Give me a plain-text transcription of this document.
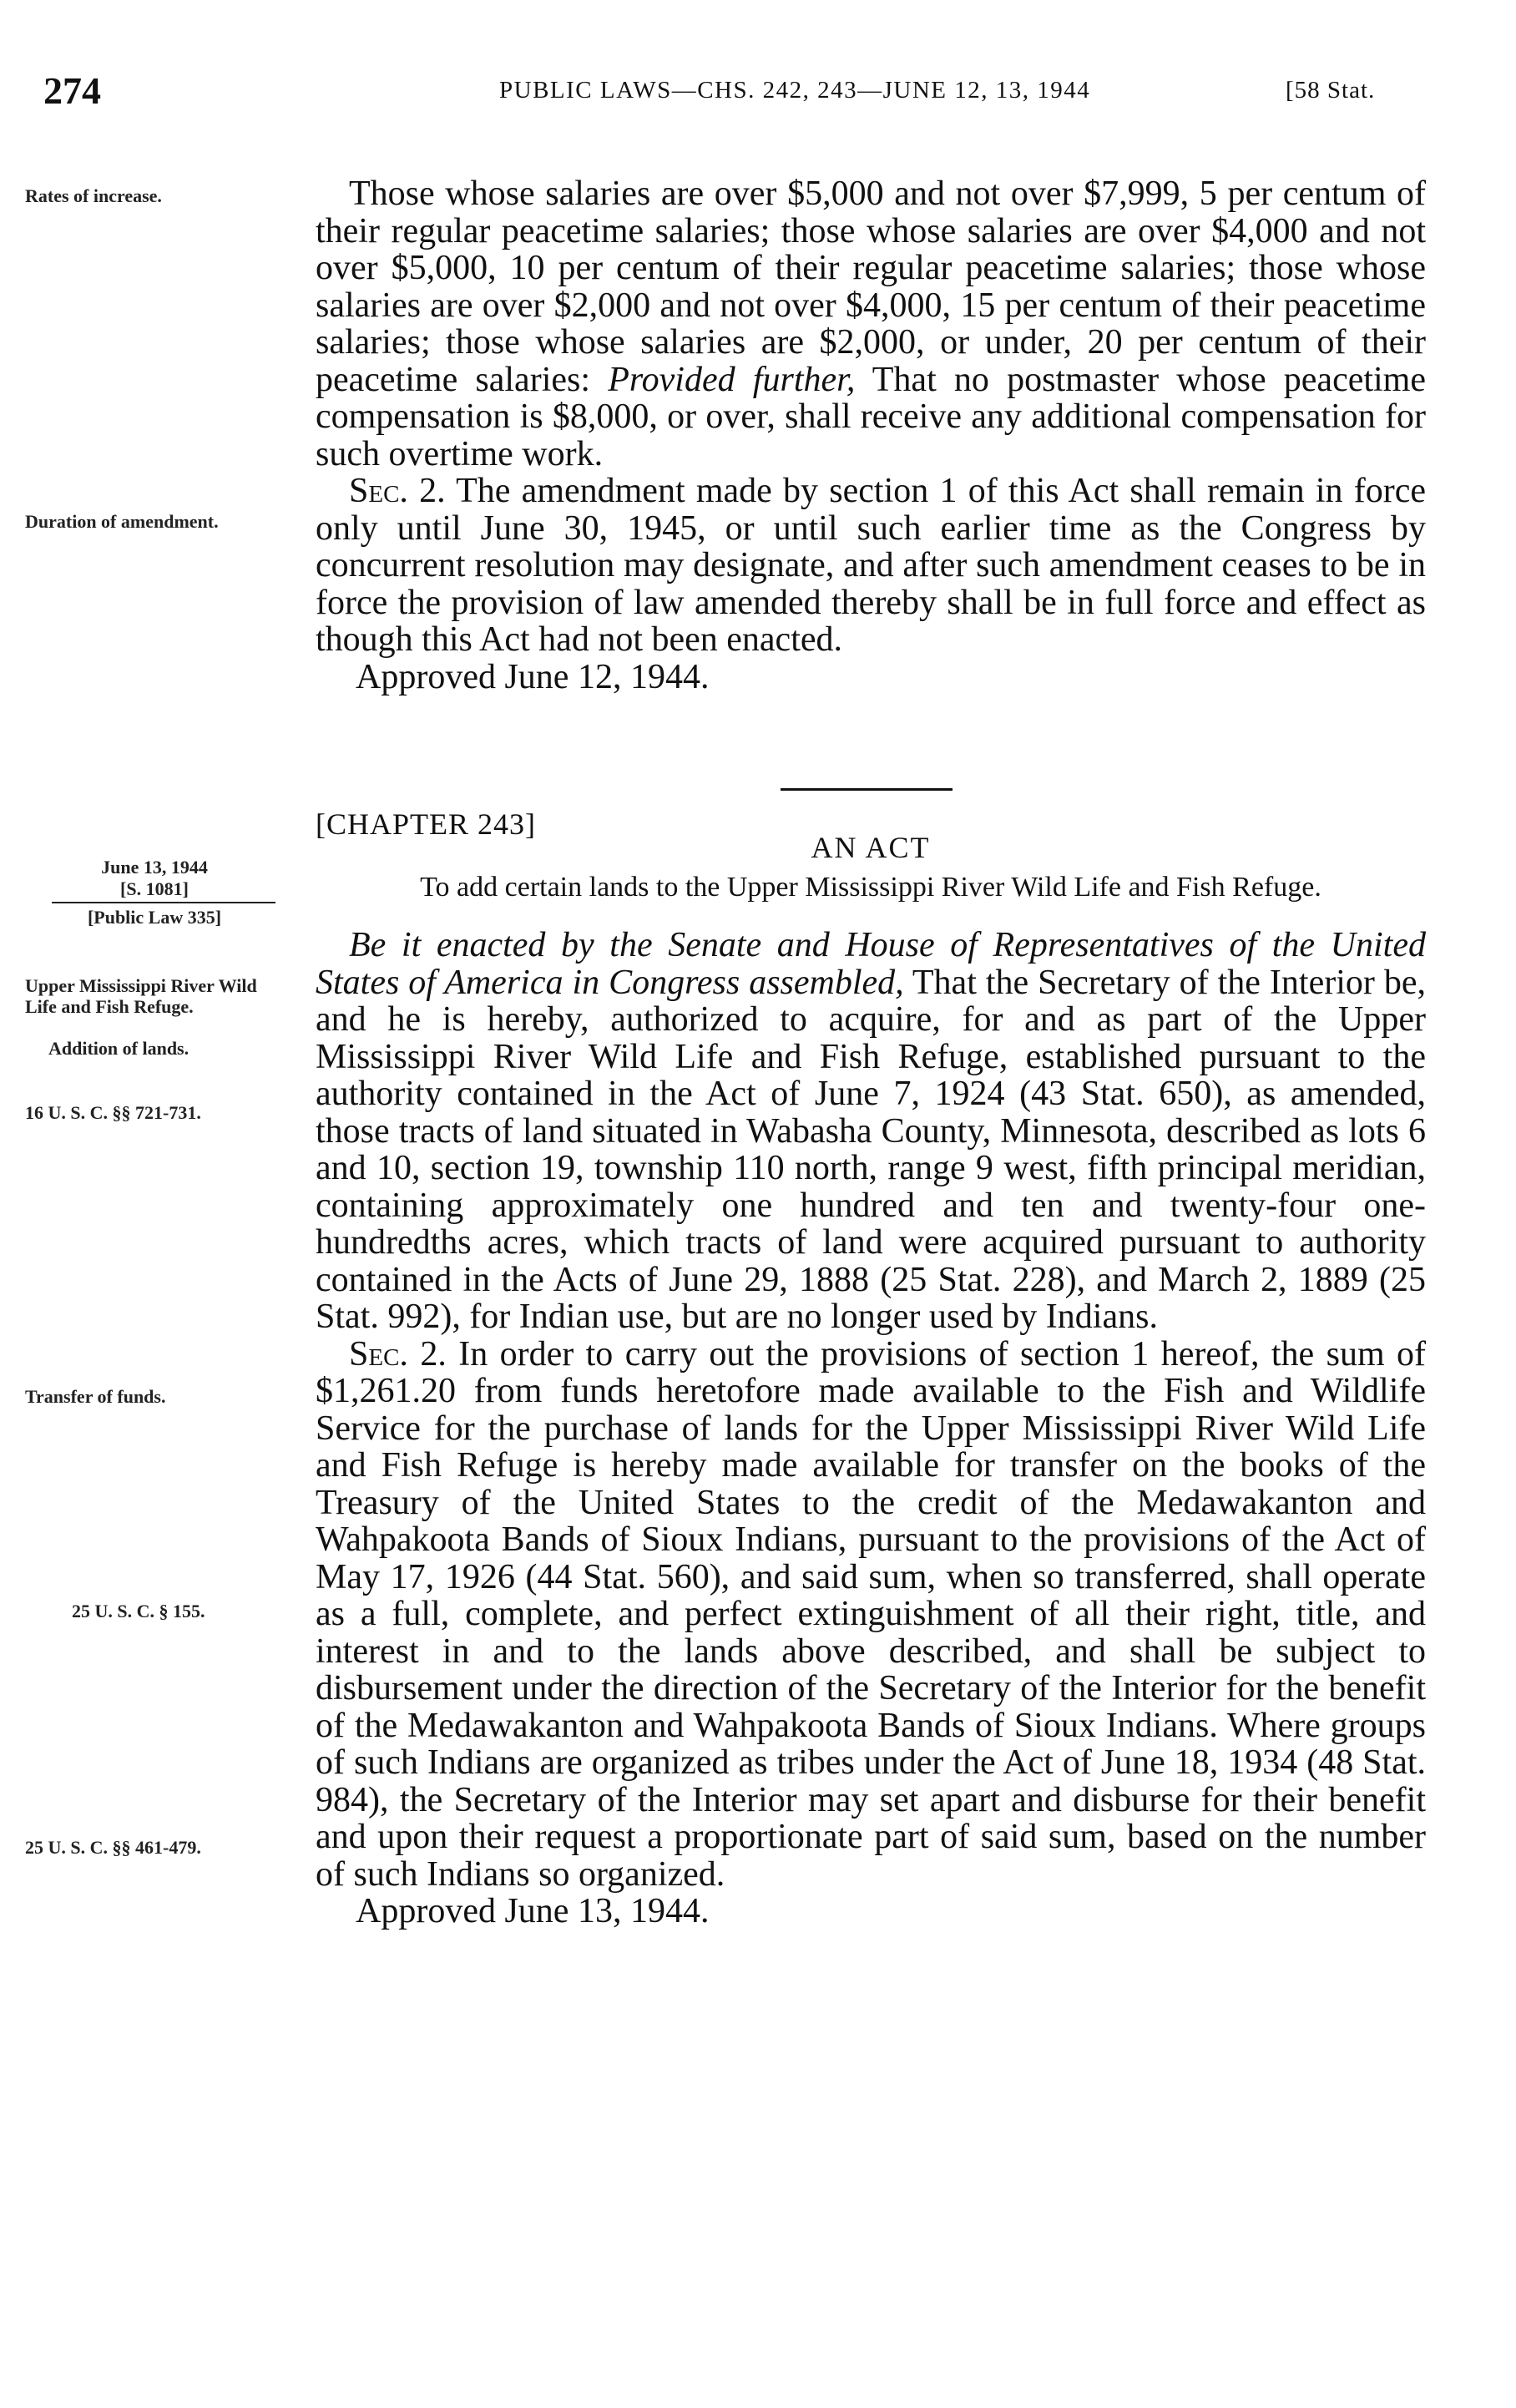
274	PUBLIC LAWS—CHS. 242, 243—JUNE 12, 13, 1944	[58 Stat.
Rates of increase.
Duration of amendment.
June 13, 1944
[S. 1081]
[Public Law 335]
Upper Mississippi River Wild Life and Fish Refuge.
Addition of lands.
16 U. S. C. §§ 721-731.
Transfer of funds.
25 U. S. C. § 155.
25 U. S. C. §§ 461-479.

Those whose salaries are over $5,000 and not over $7,999, 5 per centum of their regular peacetime salaries; those whose salaries are over $4,000 and not over $5,000, 10 per centum of their regular peacetime salaries; those whose salaries are over $2,000 and not over $4,000, 15 per centum of their peacetime salaries; those whose salaries are $2,000, or under, 20 per centum of their peacetime salaries: Provided further, That no postmaster whose peacetime compensation is $8,000, or over, shall receive any additional compensation for such overtime work.

Sec. 2. The amendment made by section 1 of this Act shall remain in force only until June 30, 1945, or until such earlier time as the Congress by concurrent resolution may designate, and after such amendment ceases to be in force the provision of law amended thereby shall be in full force and effect as though this Act had not been enacted.

Approved June 12, 1944.

[CHAPTER 243]
AN ACT
To add certain lands to the Upper Mississippi River Wild Life and Fish Refuge.

Be it enacted by the Senate and House of Representatives of the United States of America in Congress assembled, That the Secretary of the Interior be, and he is hereby, authorized to acquire, for and as part of the Upper Mississippi River Wild Life and Fish Refuge, established pursuant to the authority contained in the Act of June 7, 1924 (43 Stat. 650), as amended, those tracts of land situated in Wabasha County, Minnesota, described as lots 6 and 10, section 19, township 110 north, range 9 west, fifth principal meridian, containing approximately one hundred and ten and twenty-four one-hundredths acres, which tracts of land were acquired pursuant to authority contained in the Acts of June 29, 1888 (25 Stat. 228), and March 2, 1889 (25 Stat. 992), for Indian use, but are no longer used by Indians.

Sec. 2. In order to carry out the provisions of section 1 hereof, the sum of $1,261.20 from funds heretofore made available to the Fish and Wildlife Service for the purchase of lands for the Upper Mississippi River Wild Life and Fish Refuge is hereby made available for transfer on the books of the Treasury of the United States to the credit of the Medawakanton and Wahpakoota Bands of Sioux Indians, pursuant to the provisions of the Act of May 17, 1926 (44 Stat. 560), and said sum, when so transferred, shall operate as a full, complete, and perfect extinguishment of all their right, title, and interest in and to the lands above described, and shall be subject to disbursement under the direction of the Secretary of the Interior for the benefit of the Medawakanton and Wahpakoota Bands of Sioux Indians. Where groups of such Indians are organized as tribes under the Act of June 18, 1934 (48 Stat. 984), the Secretary of the Interior may set apart and disburse for their benefit and upon their request a proportionate part of said sum, based on the number of such Indians so organized.

Approved June 13, 1944.
